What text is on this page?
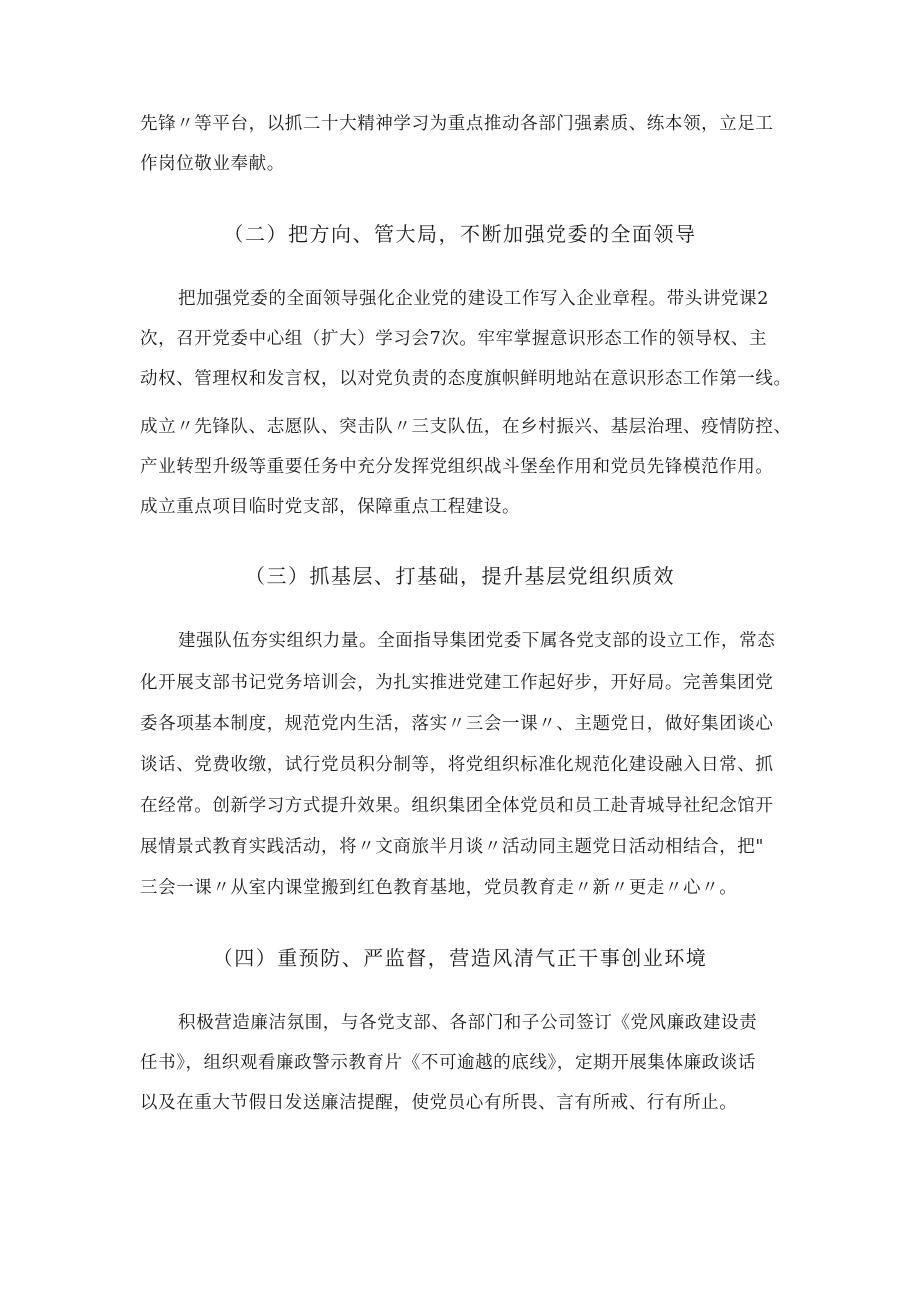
先锋〃等平台，以抓二十大精神学习为重点推动各部门强素质、练本领，立足工
作岗位敬业奉献。
（二）把方向、管大局，不断加强党委的全面领导
把加强党委的全面领导强化企业党的建设工作写入企业章程。带头讲党课2
次，召开党委中心组（扩大）学习会7次。牢牢掌握意识形态工作的领导权、主
动权、管理权和发言权，以对党负责的态度旗帜鲜明地站在意识形态工作第一线。
成立〃先锋队、志愿队、突击队〃三支队伍，在乡村振兴、基层治理、疫情防控、
产业转型升级等重要任务中充分发挥党组织战斗堡垒作用和党员先锋模范作用。
成立重点项目临时党支部，保障重点工程建设。
（三）抓基层、打基础，提升基层党组织质效
建强队伍夯实组织力量。全面指导集团党委下属各党支部的设立工作，常态
化开展支部书记党务培训会，为扎实推进党建工作起好步，开好局。完善集团党
委各项基本制度，规范党内生活，落实〃三会一课〃、主题党日，做好集团谈心
谈话、党费收缴，试行党员积分制等，将党组织标准化规范化建设融入日常、抓
在经常。创新学习方式提升效果。组织集团全体党员和员工赴青城导社纪念馆开
展情景式教育实践活动，将〃文商旅半月谈〃活动同主题党日活动相结合，把"
三会一课〃从室内课堂搬到红色教育基地，党员教育走〃新〃更走〃心〃。
（四）重预防、严监督，营造风清气正干事创业环境
积极营造廉洁氛围，与各党支部、各部门和子公司签订《党风廉政建设责
任书》，组织观看廉政警示教育片《不可逾越的底线》，定期开展集体廉政谈话
以及在重大节假日发送廉洁提醒，使党员心有所畏、言有所戒、行有所止。
